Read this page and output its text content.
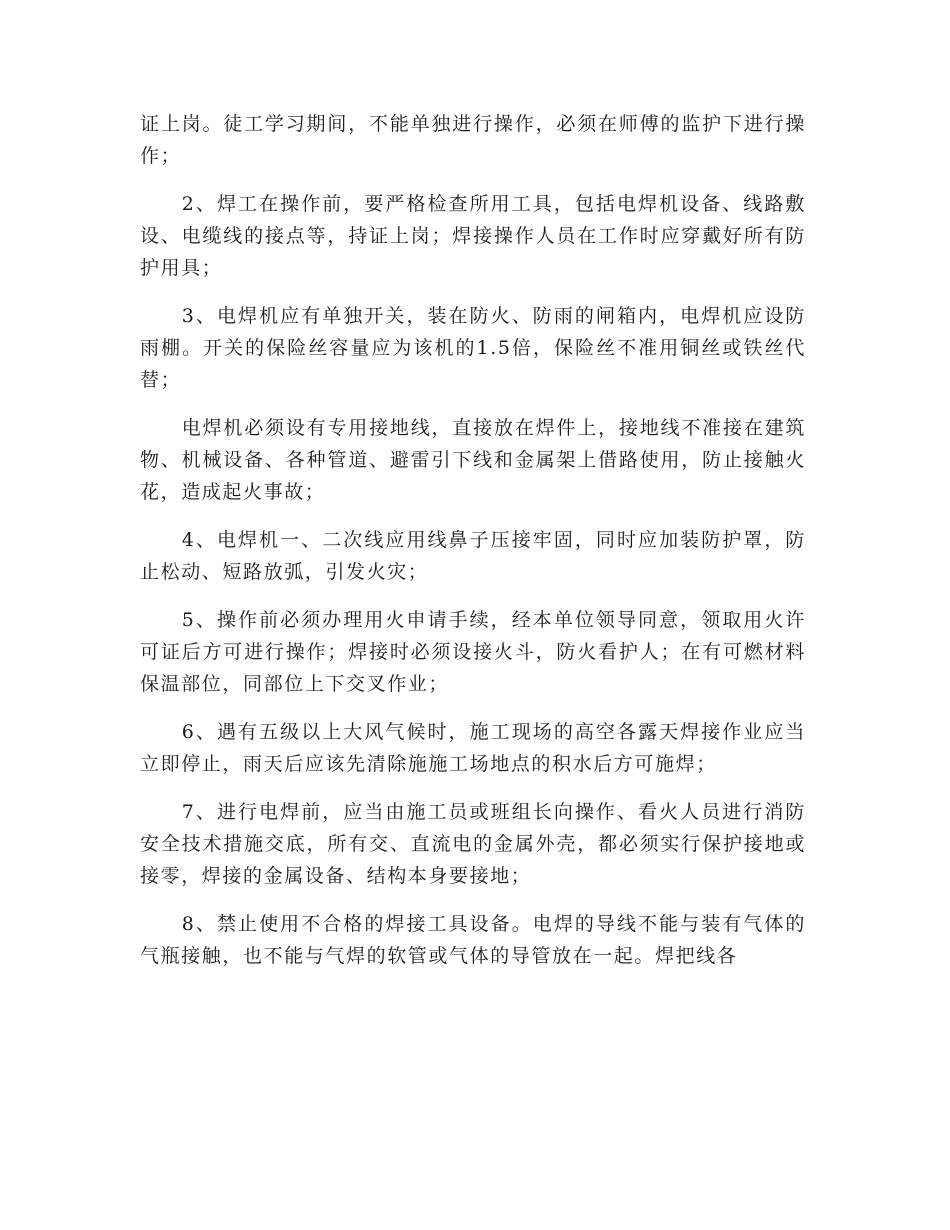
证上岗。徒工学习期间，不能单独进行操作，必须在师傅的监护下进行操作；

2、焊工在操作前，要严格检查所用工具，包括电焊机设备、线路敷设、电缆线的接点等，持证上岗；焊接操作人员在工作时应穿戴好所有防护用具；

3、电焊机应有单独开关，装在防火、防雨的闸箱内，电焊机应设防雨棚。开关的保险丝容量应为该机的1.5倍，保险丝不准用铜丝或铁丝代替；

电焊机必须设有专用接地线，直接放在焊件上，接地线不准接在建筑物、机械设备、各种管道、避雷引下线和金属架上借路使用，防止接触火花，造成起火事故；

4、电焊机一、二次线应用线鼻子压接牢固，同时应加装防护罩，防止松动、短路放弧，引发火灾；

5、操作前必须办理用火申请手续，经本单位领导同意，领取用火许可证后方可进行操作；焊接时必须设接火斗，防火看护人；在有可燃材料保温部位，同部位上下交叉作业；

6、遇有五级以上大风气候时，施工现场的高空各露天焊接作业应当立即停止，雨天后应该先清除施施工场地点的积水后方可施焊；

7、进行电焊前，应当由施工员或班组长向操作、看火人员进行消防安全技术措施交底，所有交、直流电的金属外壳，都必须实行保护接地或接零，焊接的金属设备、结构本身要接地；

8、禁止使用不合格的焊接工具设备。电焊的导线不能与装有气体的气瓶接触，也不能与气焊的软管或气体的导管放在一起。焊把线各
